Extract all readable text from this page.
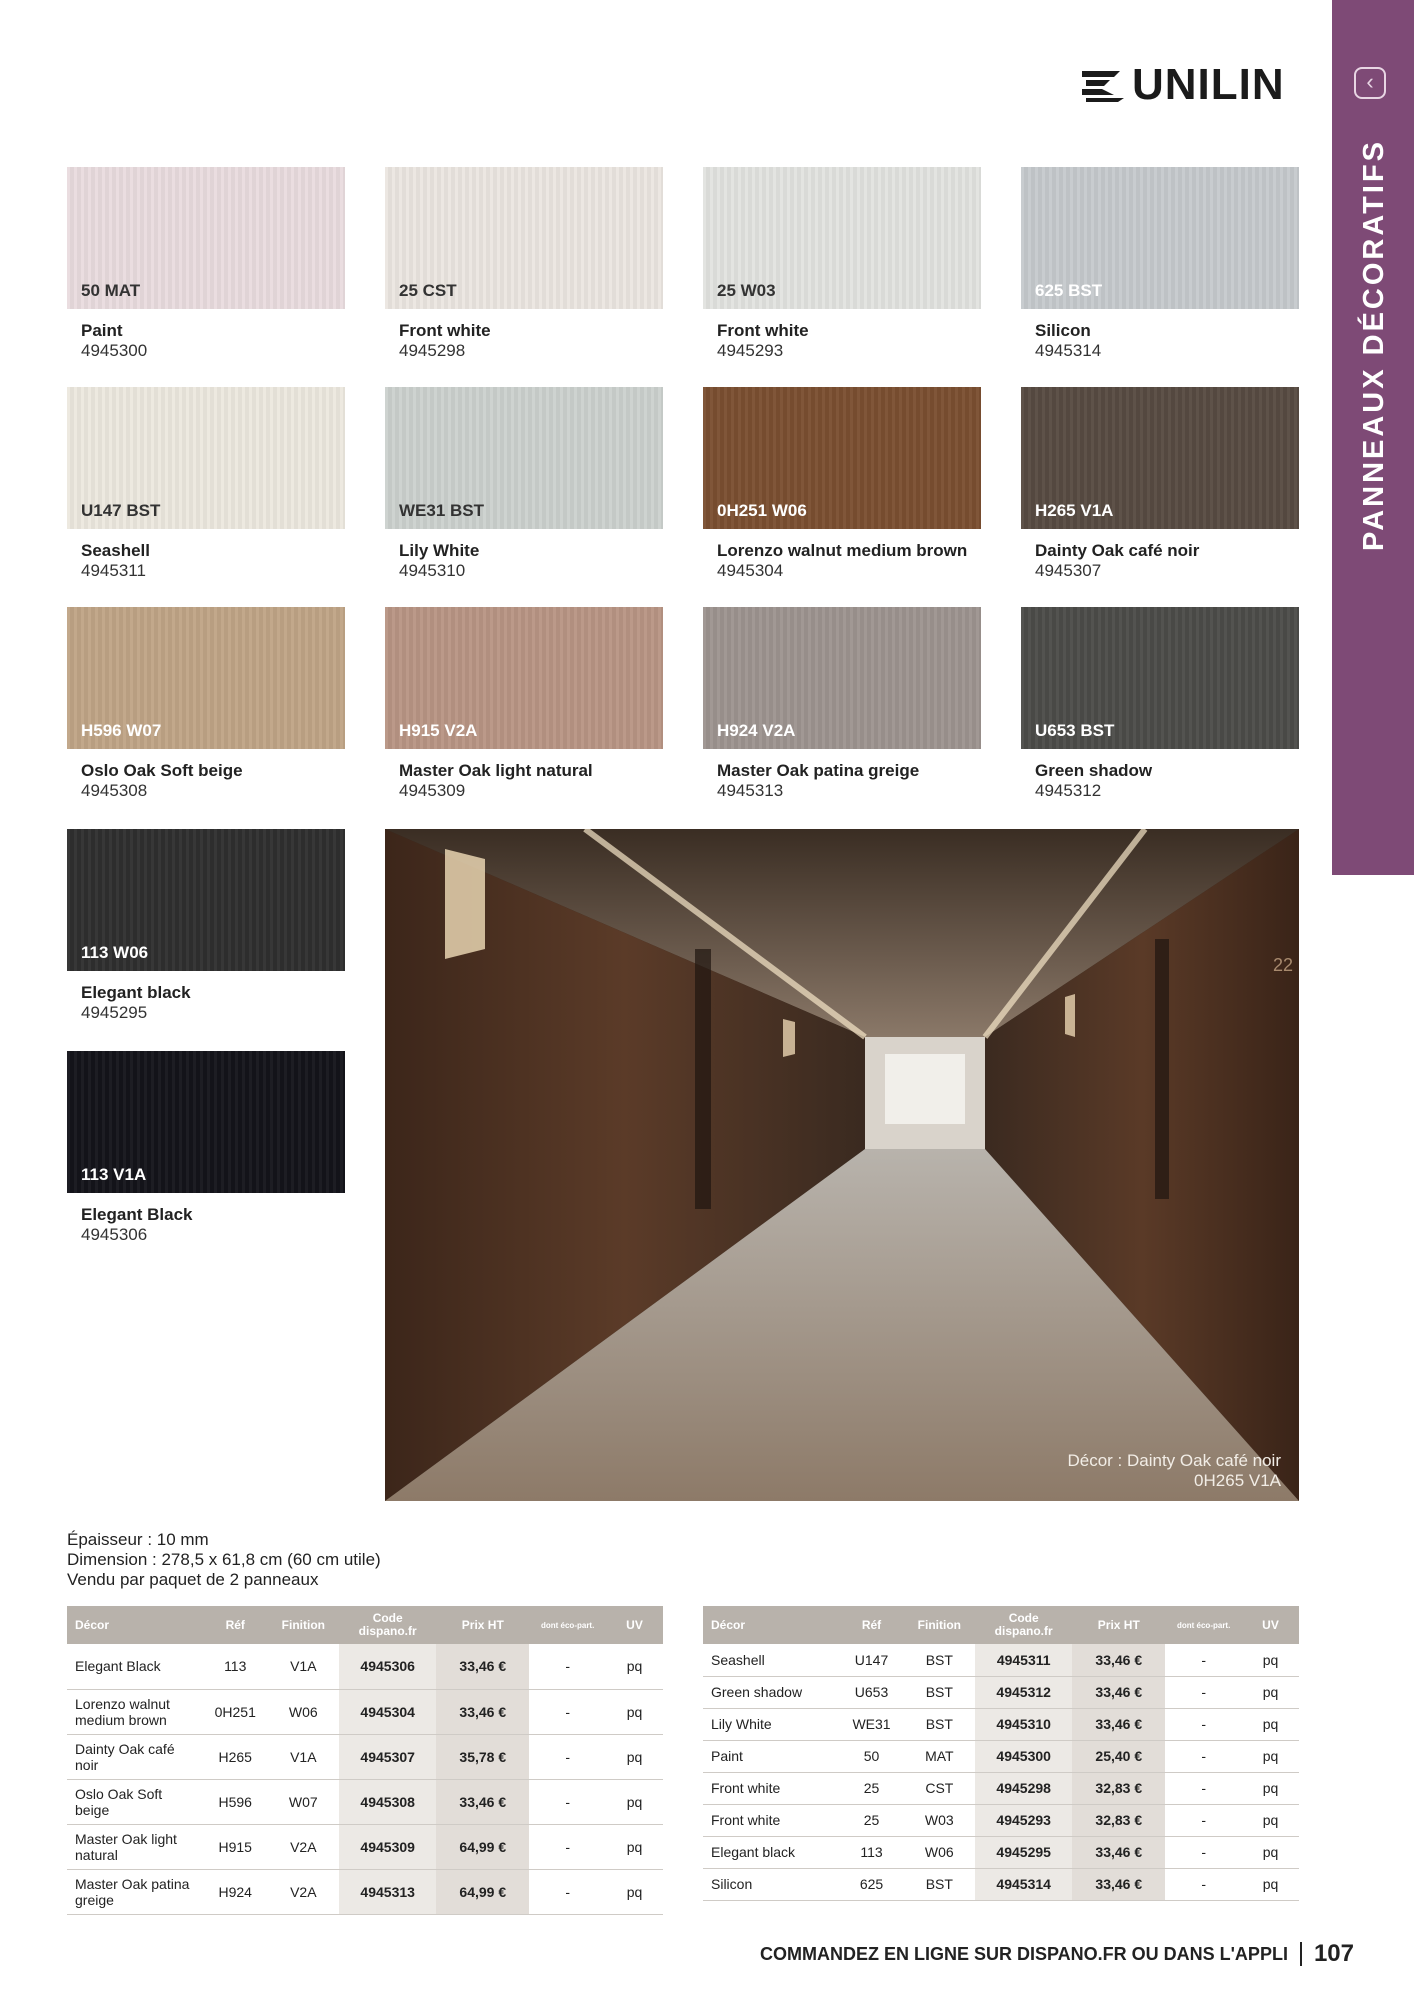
‹
PANNEAUX DÉCORATIFS
UNILIN
50 MAT
Paint
4945300
25 CST
Front white
4945298
25 W03
Front white
4945293
625 BST
Silicon
4945314
U147 BST
Seashell
4945311
WE31 BST
Lily White
4945310
0H251 W06
Lorenzo walnut medium brown
4945304
H265 V1A
Dainty Oak café noir
4945307
H596 W07
Oslo Oak Soft beige
4945308
H915 V2A
Master Oak light natural
4945309
H924 V2A
Master Oak patina greige
4945313
U653 BST
Green shadow
4945312
113 W06
Elegant black
4945295
113 V1A
Elegant Black
4945306
22
Décor : Dainty Oak café noir
0H265 V1A
Épaisseur : 10 mm
Dimension : 278,5 x 61,8 cm (60 cm utile)
Vendu par paquet de 2 panneaux
Décor	Réf	Finition	Code dispano.fr	Prix HT	dont éco-part.	UV
Elegant Black	113	V1A	4945306	33,46 €	-	pq
Lorenzo walnut medium brown	0H251	W06	4945304	33,46 €	-	pq
Dainty Oak café noir	H265	V1A	4945307	35,78 €	-	pq
Oslo Oak Soft beige	H596	W07	4945308	33,46 €	-	pq
Master Oak light natural	H915	V2A	4945309	64,99 €	-	pq
Master Oak patina greige	H924	V2A	4945313	64,99 €	-	pq
Décor	Réf	Finition	Code dispano.fr	Prix HT	dont éco-part.	UV
Seashell	U147	BST	4945311	33,46 €	-	pq
Green shadow	U653	BST	4945312	33,46 €	-	pq
Lily White	WE31	BST	4945310	33,46 €	-	pq
Paint	50	MAT	4945300	25,40 €	-	pq
Front white	25	CST	4945298	32,83 €	-	pq
Front white	25	W03	4945293	32,83 €	-	pq
Elegant black	113	W06	4945295	33,46 €	-	pq
Silicon	625	BST	4945314	33,46 €	-	pq
COMMANDEZ EN LIGNE SUR DISPANO.FR OU DANS L'APPLI 107
